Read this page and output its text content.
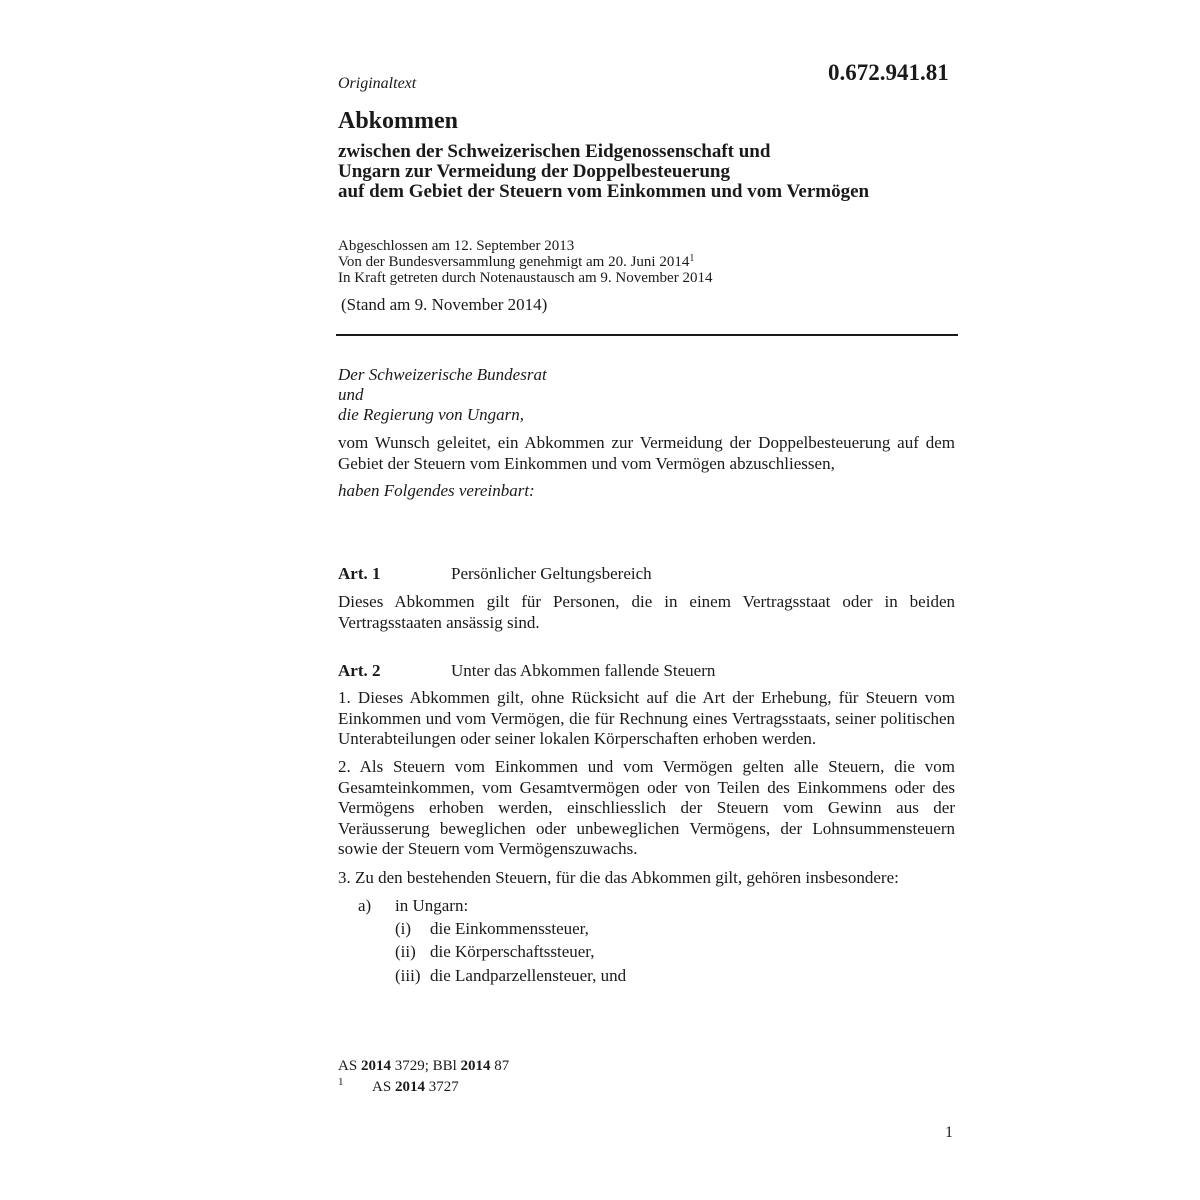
Originaltext	0.672.941.81
Abkommen
zwischen der Schweizerischen Eidgenossenschaft und
Ungarn zur Vermeidung der Doppelbesteuerung
auf dem Gebiet der Steuern vom Einkommen und vom Vermögen
Abgeschlossen am 12. September 2013
Von der Bundesversammlung genehmigt am 20. Juni 2014$^1$
In Kraft getreten durch Notenaustausch am 9. November 2014
(Stand am 9. November 2014)
Der Schweizerische Bundesrat
und
die Regierung von Ungarn,
vom Wunsch geleitet, ein Abkommen zur Vermeidung der Doppelbesteuerung auf dem Gebiet der Steuern vom Einkommen und vom Vermögen abzuschliessen,
haben Folgendes vereinbart:
Art. 1	Persönlicher Geltungsbereich
Dieses Abkommen gilt für Personen, die in einem Vertragsstaat oder in beiden Vertragsstaaten ansässig sind.
Art. 2	Unter das Abkommen fallende Steuern
1. Dieses Abkommen gilt, ohne Rücksicht auf die Art der Erhebung, für Steuern vom Einkommen und vom Vermögen, die für Rechnung eines Vertragsstaats, seiner politischen Unterabteilungen oder seiner lokalen Körperschaften erhoben werden.
2. Als Steuern vom Einkommen und vom Vermögen gelten alle Steuern, die vom Gesamteinkommen, vom Gesamtvermögen oder von Teilen des Einkommens oder des Vermögens erhoben werden, einschliesslich der Steuern vom Gewinn aus der Veräusserung beweglichen oder unbeweglichen Vermögens, der Lohnsummensteuern sowie der Steuern vom Vermögenszuwachs.
3. Zu den bestehenden Steuern, für die das Abkommen gilt, gehören insbesondere:
a) in Ungarn:
(i) die Einkommenssteuer,
(ii) die Körperschaftssteuer,
(iii) die Landparzellensteuer, und
AS 2014 3729; BBl 2014 87
1 AS 2014 3727
1
